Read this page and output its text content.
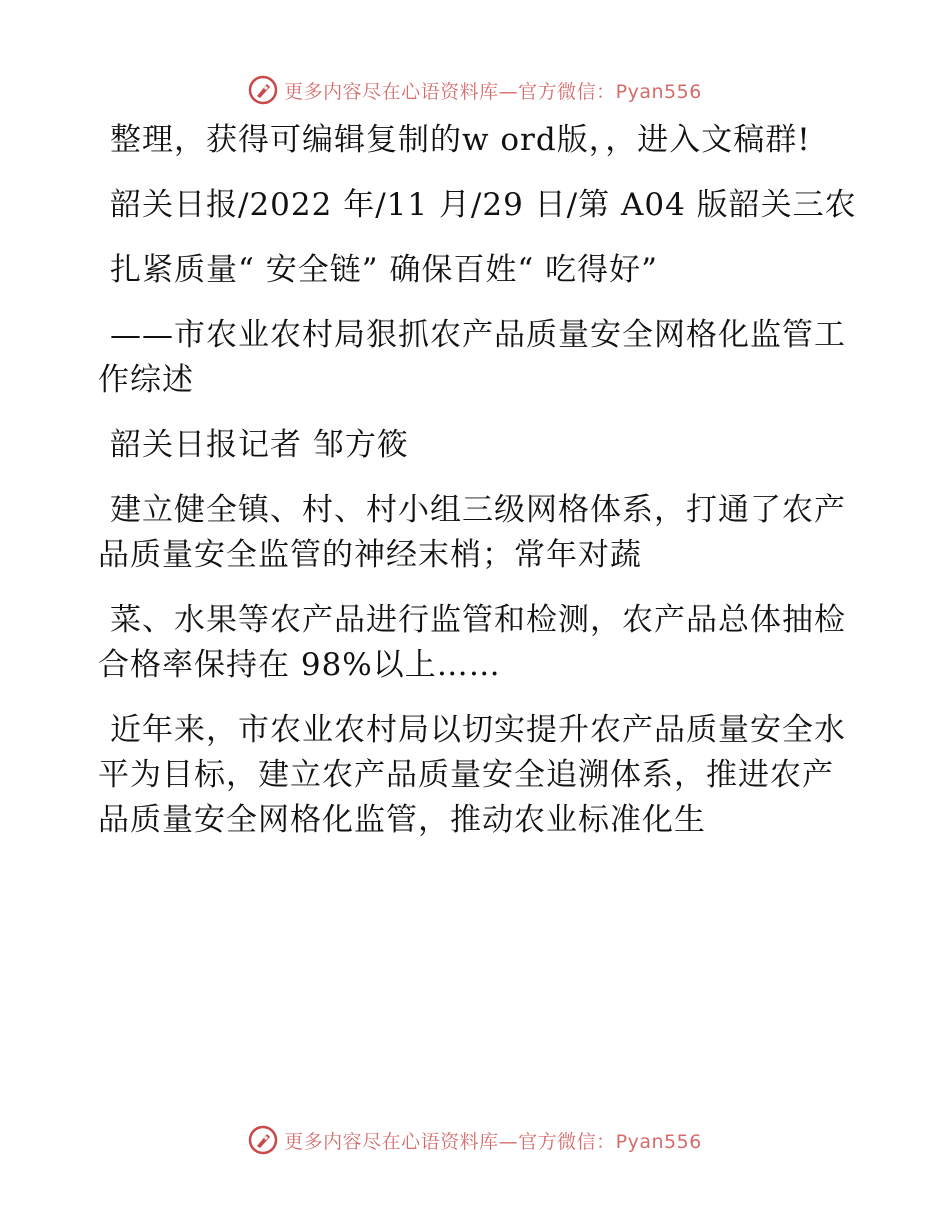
更多内容尽在心语资料库—官方微信：Pyan556

整理，获得可编辑复制的w ord版，，进入文稿群!

韶关日报/2022 年/11 月/29 日/第 A04 版韶关三农

扎紧质量“ 安全链” 确保百姓“ 吃得好”

——市农业农村局狠抓农产品质量安全网格化监管工作综述

韶关日报记者 邹方筱

建立健全镇、村、村小组三级网格体系，打通了农产品质量安全监管的神经末梢；常年对蔬

菜、水果等农产品进行监管和检测，农产品总体抽检合格率保持在 98%以上……

近年来，市农业农村局以切实提升农产品质量安全水平为目标，建立农产品质量安全追溯体系，推进农产品质量安全网格化监管，推动农业标准化生

更多内容尽在心语资料库—官方微信：Pyan556
